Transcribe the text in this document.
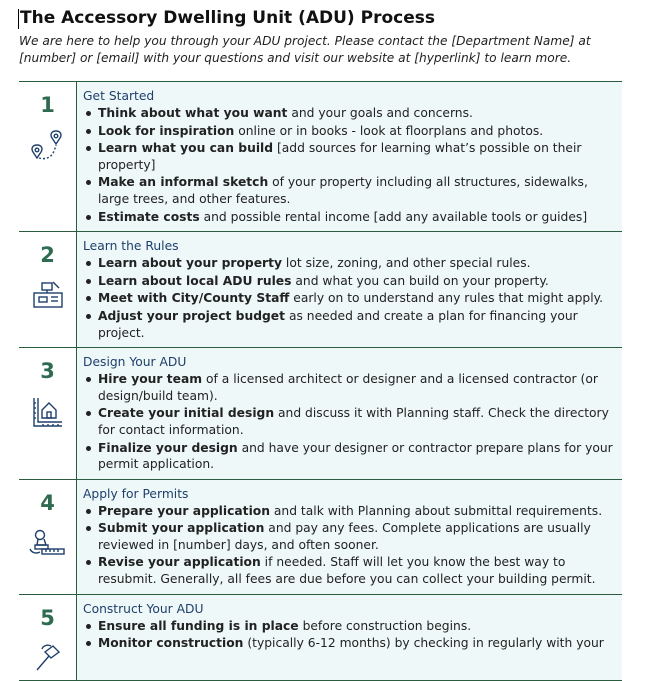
The Accessory Dwelling Unit (ADU) Process

We are here to help you through your ADU project. Please contact the [Department Name] at [number] or [email] with your questions and visit our website at [hyperlink] to learn more.

1 Get Started
Think about what you want and your goals and concerns.
Look for inspiration online or in books - look at floorplans and photos.
Learn what you can build [add sources for learning what’s possible on their property]
Make an informal sketch of your property including all structures, sidewalks, large trees, and other features.
Estimate costs and possible rental income [add any available tools or guides]
2 Learn the Rules
Learn about your property lot size, zoning, and other special rules.
Learn about local ADU rules and what you can build on your property.
Meet with City/County Staff early on to understand any rules that might apply.
Adjust your project budget as needed and create a plan for financing your project.
3 Design Your ADU
Hire your team of a licensed architect or designer and a licensed contractor (or design/build team).
Create your initial design and discuss it with Planning staff. Check the directory for contact information.
Finalize your design and have your designer or contractor prepare plans for your permit application.
4 Apply for Permits
Prepare your application and talk with Planning about submittal requirements.
Submit your application and pay any fees. Complete applications are usually reviewed in [number] days, and often sooner.
Revise your application if needed. Staff will let you know the best way to resubmit. Generally, all fees are due before you can collect your building permit.
5 Construct Your ADU
Ensure all funding is in place before construction begins.
Monitor construction (typically 6-12 months) by checking in regularly with your
